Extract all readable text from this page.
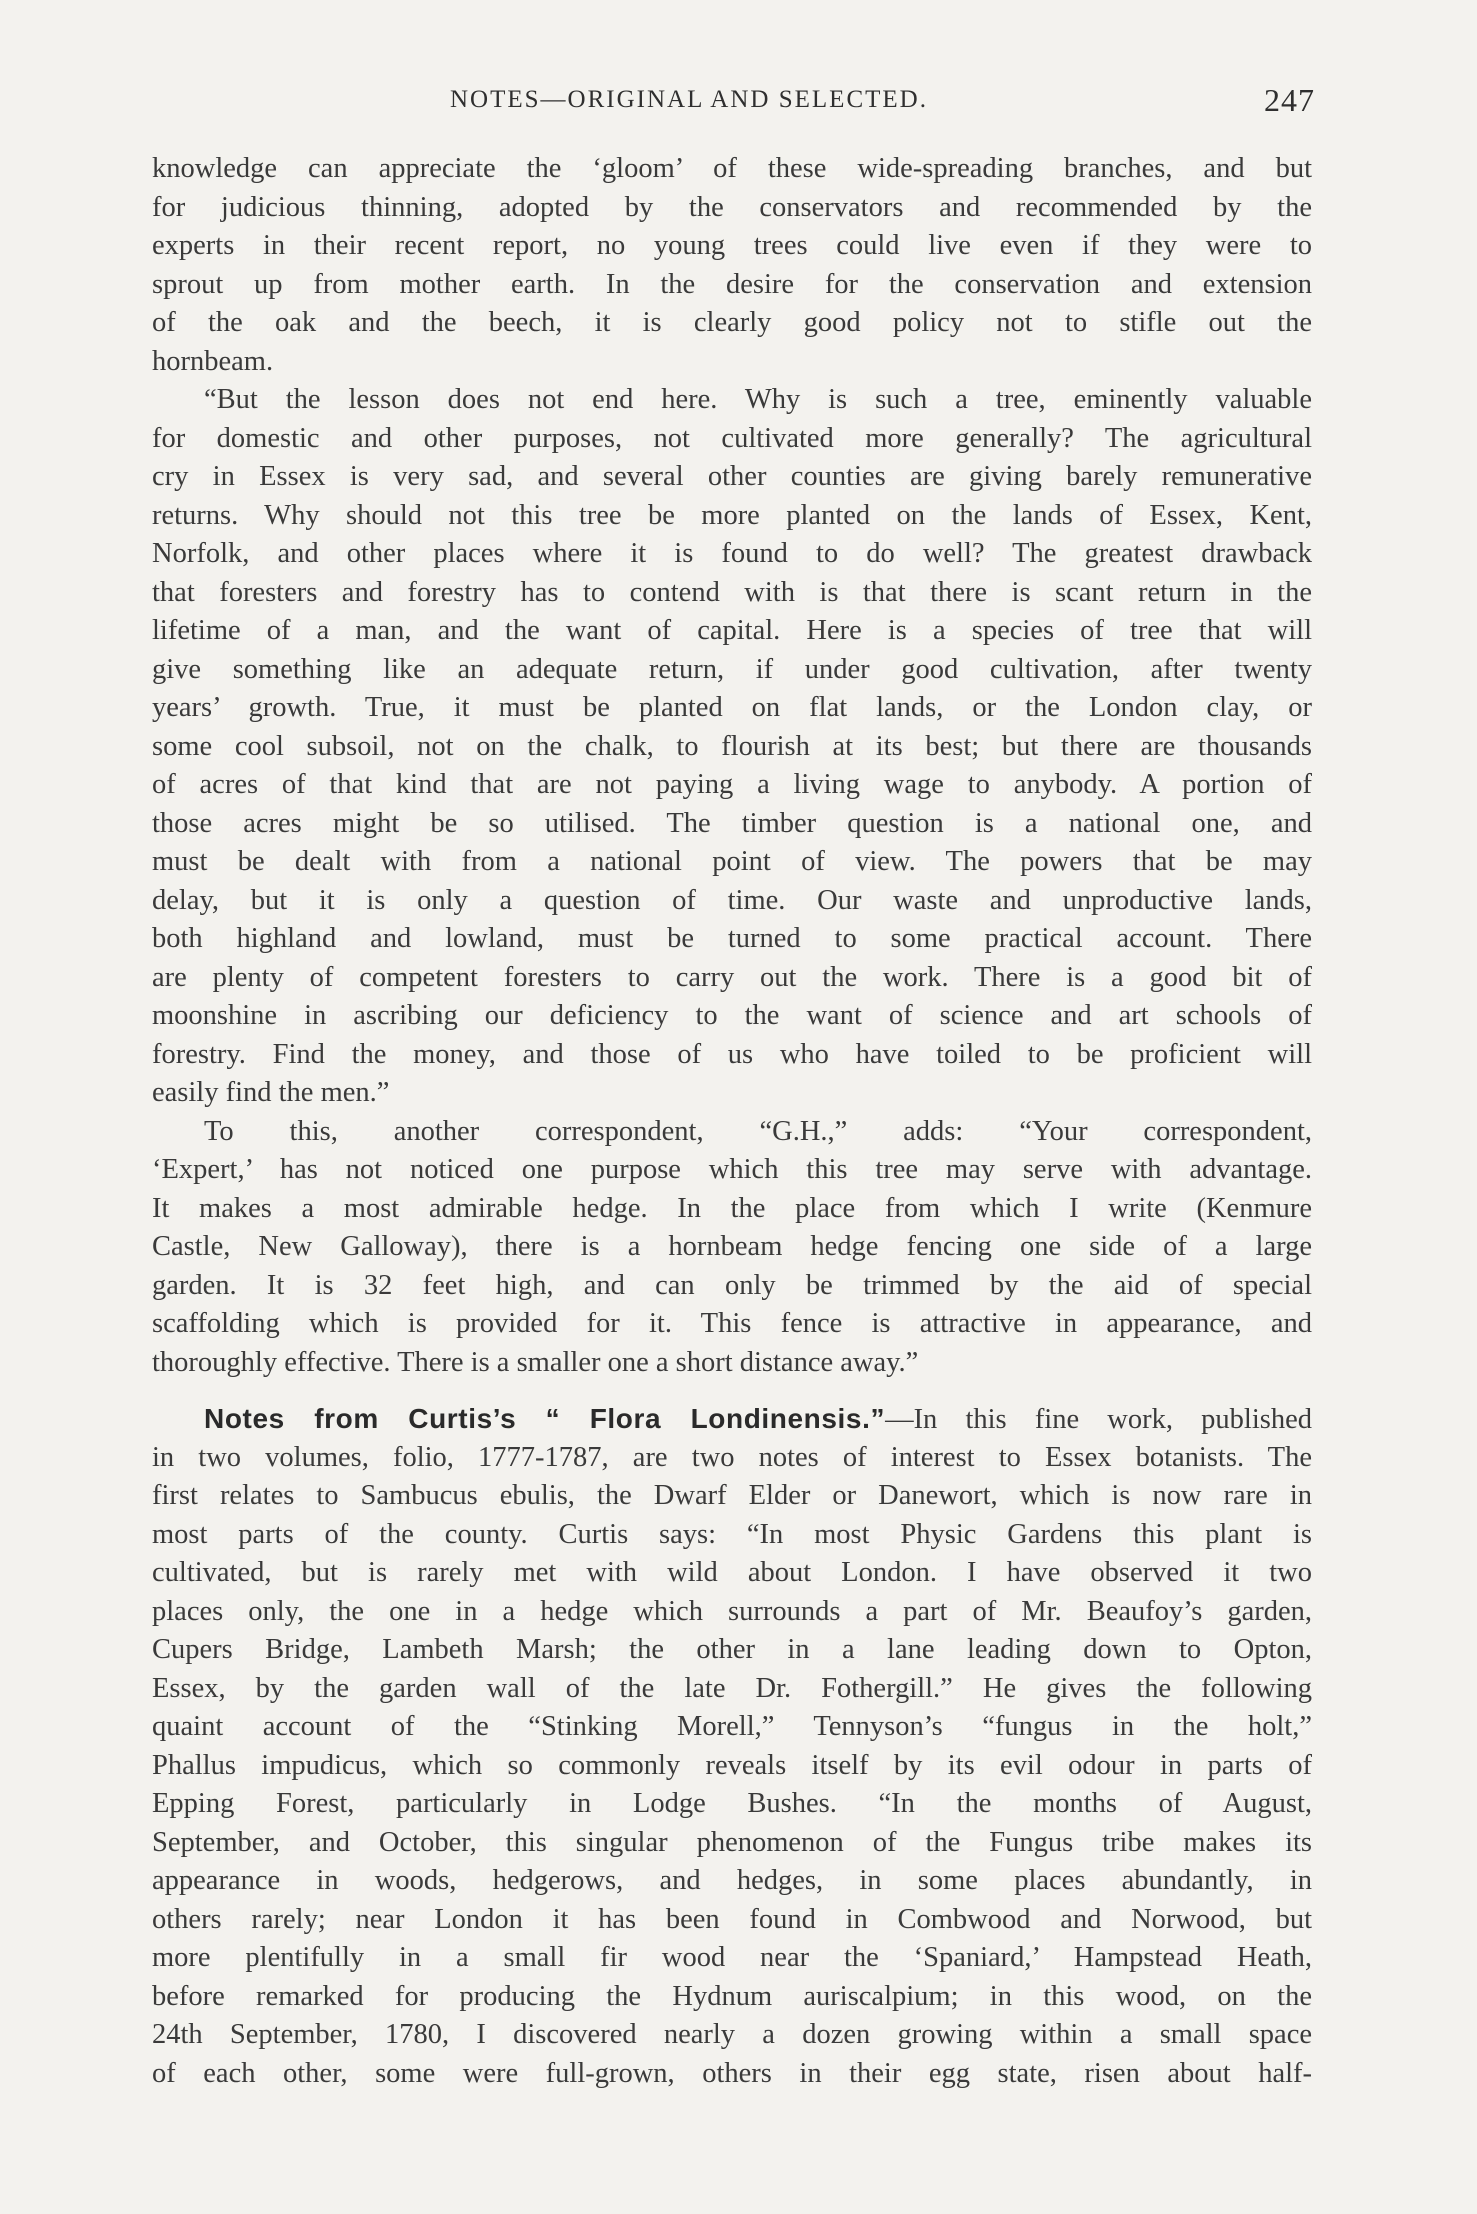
NOTES—ORIGINAL AND SELECTED.	247
knowledge can appreciate the ‘gloom’ of these wide-spreading branches, and but
for judicious thinning, adopted by the conservators and recommended by the
experts in their recent report, no young trees could live even if they were to
sprout up from mother earth. In the desire for the conservation and extension
of the oak and the beech, it is clearly good policy not to stifle out the
hornbeam.
“But the lesson does not end here. Why is such a tree, eminently valuable
for domestic and other purposes, not cultivated more generally? The agricultural
cry in Essex is very sad, and several other counties are giving barely remunerative
returns. Why should not this tree be more planted on the lands of Essex, Kent,
Norfolk, and other places where it is found to do well? The greatest drawback
that foresters and forestry has to contend with is that there is scant return in the
lifetime of a man, and the want of capital. Here is a species of tree that will
give something like an adequate return, if under good cultivation, after twenty
years’ growth. True, it must be planted on flat lands, or the London clay, or
some cool subsoil, not on the chalk, to flourish at its best; but there are thousands
of acres of that kind that are not paying a living wage to anybody. A portion of
those acres might be so utilised. The timber question is a national one, and
must be dealt with from a national point of view. The powers that be may
delay, but it is only a question of time. Our waste and unproductive lands,
both highland and lowland, must be turned to some practical account. There
are plenty of competent foresters to carry out the work. There is a good bit of
moonshine in ascribing our deficiency to the want of science and art schools of
forestry. Find the money, and those of us who have toiled to be proficient will
easily find the men.”
To this, another correspondent, “G.H.,” adds: “Your correspondent,
‘Expert,’ has not noticed one purpose which this tree may serve with advantage.
It makes a most admirable hedge. In the place from which I write (Kenmure
Castle, New Galloway), there is a hornbeam hedge fencing one side of a large
garden. It is 32 feet high, and can only be trimmed by the aid of special
scaffolding which is provided for it. This fence is attractive in appearance, and
thoroughly effective. There is a smaller one a short distance away.”
Notes from Curtis’s “ Flora Londinensis.”—In this fine work, published
in two volumes, folio, 1777-1787, are two notes of interest to Essex botanists. The
first relates to Sambucus ebulis, the Dwarf Elder or Danewort, which is now rare in
most parts of the county. Curtis says: “In most Physic Gardens this plant is
cultivated, but is rarely met with wild about London. I have observed it two
places only, the one in a hedge which surrounds a part of Mr. Beaufoy’s garden,
Cupers Bridge, Lambeth Marsh; the other in a lane leading down to Opton,
Essex, by the garden wall of the late Dr. Fothergill.” He gives the following
quaint account of the “Stinking Morell,” Tennyson’s “fungus in the holt,”
Phallus impudicus, which so commonly reveals itself by its evil odour in parts of
Epping Forest, particularly in Lodge Bushes. “In the months of August,
September, and October, this singular phenomenon of the Fungus tribe makes its
appearance in woods, hedgerows, and hedges, in some places abundantly, in
others rarely; near London it has been found in Combwood and Norwood, but
more plentifully in a small fir wood near the ‘Spaniard,’ Hampstead Heath,
before remarked for producing the Hydnum auriscalpium; in this wood, on the
24th September, 1780, I discovered nearly a dozen growing within a small space
of each other, some were full-grown, others in their egg state, risen about half-
